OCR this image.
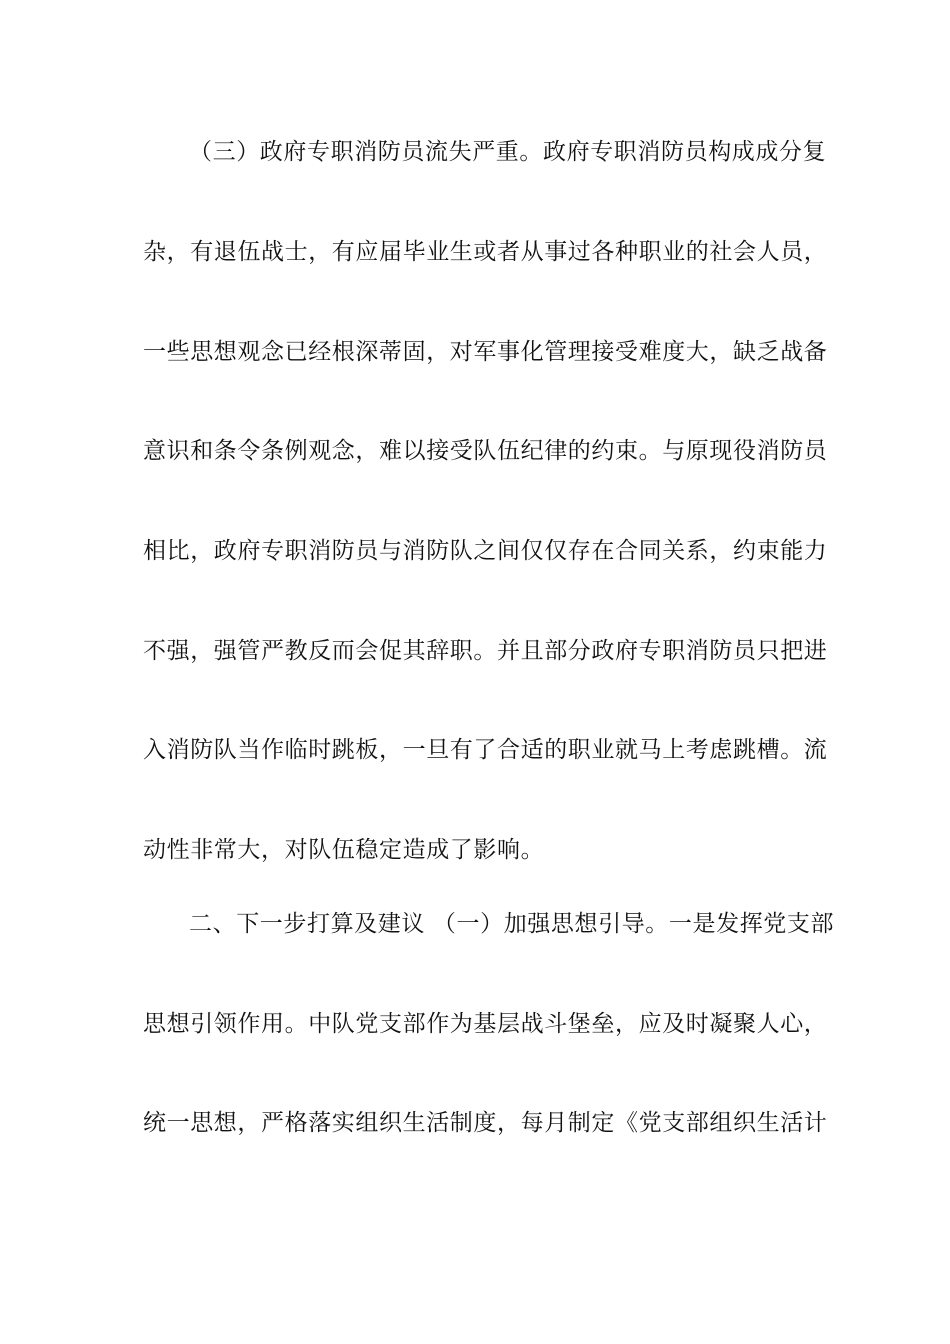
（三）政府专职消防员流失严重。政府专职消防员构成成分复
杂，有退伍战士，有应届毕业生或者从事过各种职业的社会人员，
一些思想观念已经根深蒂固，对军事化管理接受难度大，缺乏战备
意识和条令条例观念，难以接受队伍纪律的约束。与原现役消防员
相比，政府专职消防员与消防队之间仅仅存在合同关系，约束能力
不强，强管严教反而会促其辞职。并且部分政府专职消防员只把进
入消防队当作临时跳板，一旦有了合适的职业就马上考虑跳槽。流
动性非常大，对队伍稳定造成了影响。
二、下一步打算及建议 （一）加强思想引导。一是发挥党支部
思想引领作用。中队党支部作为基层战斗堡垒，应及时凝聚人心，
统一思想，严格落实组织生活制度，每月制定《党支部组织生活计
